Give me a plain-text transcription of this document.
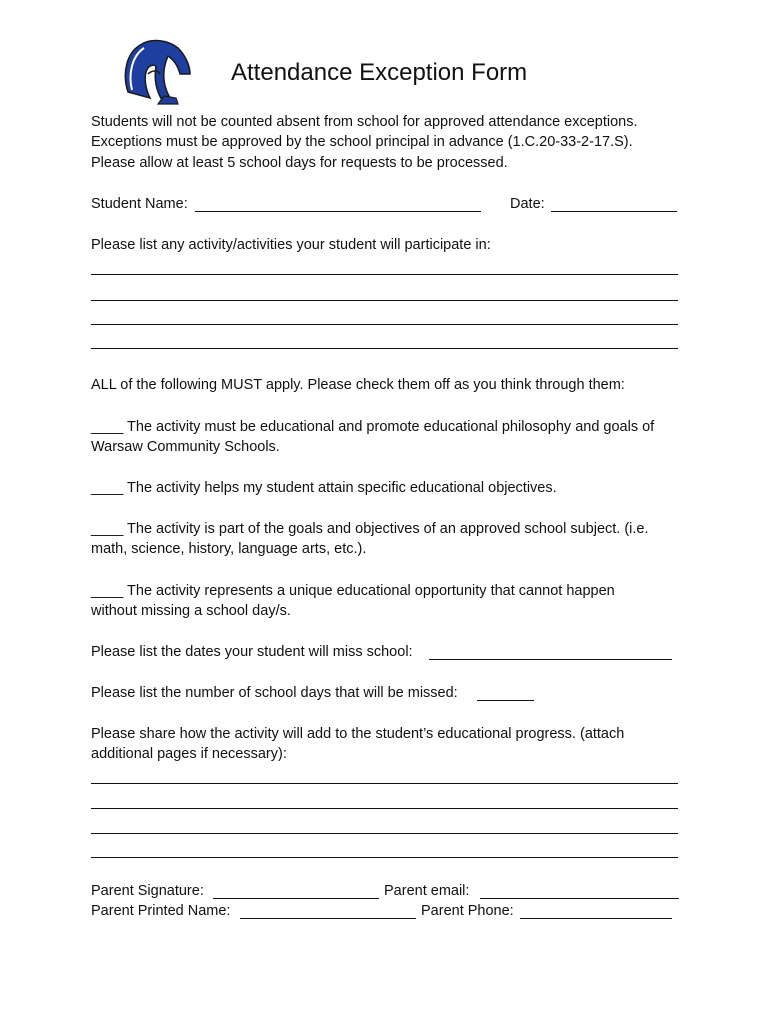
Attendance Exception Form
Students will not be counted absent from school for approved attendance exceptions.
Exceptions must be approved by the school principal in advance (1.C.20-33-2-17.S).
Please allow at least 5 school days for requests to be processed.
Student Name:	Date:
Please list any activity/activities your student will participate in:
ALL of the following MUST apply. Please check them off as you think through them:
____ The activity must be educational and promote educational philosophy and goals of
Warsaw Community Schools.
____ The activity helps my student attain specific educational objectives.
____ The activity is part of the goals and objectives of an approved school subject. (i.e.
math, science, history, language arts, etc.).
____ The activity represents a unique educational opportunity that cannot happen
without missing a school day/s.
Please list the dates your student will miss school:
Please list the number of school days that will be missed:
Please share how the activity will add to the student’s educational progress. (attach
additional pages if necessary):
Parent Signature:	Parent email:
Parent Printed Name:	Parent Phone:
